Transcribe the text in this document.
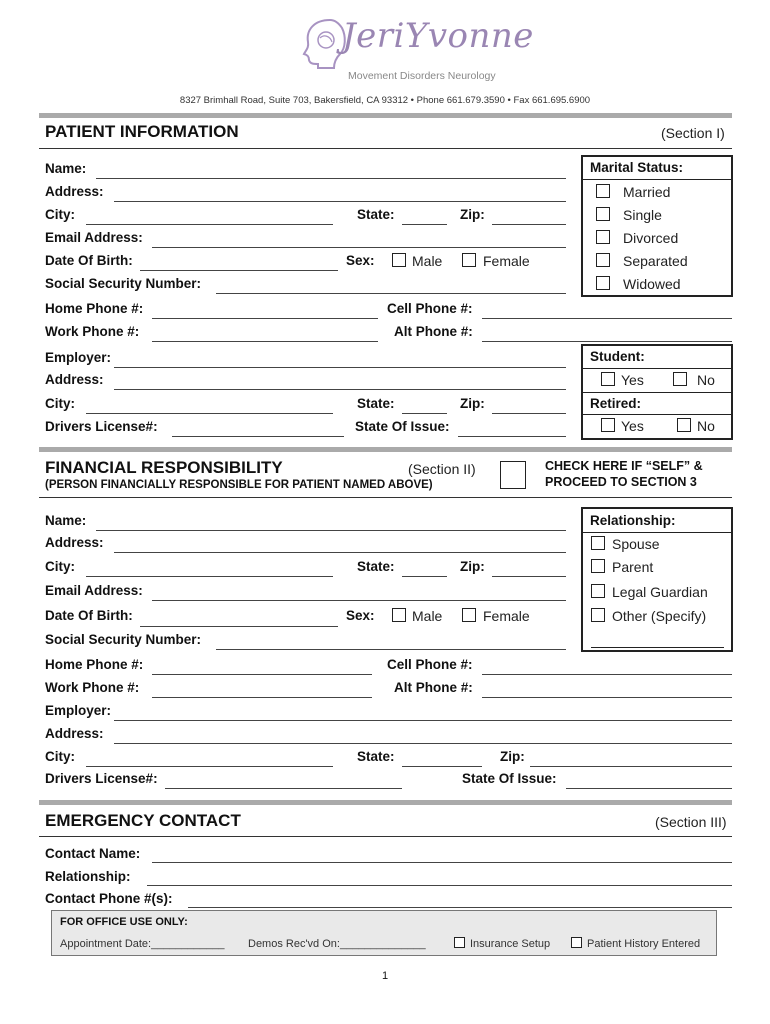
JeriYvonne
Movement Disorders Neurology
8327 Brimhall Road, Suite 703, Bakersfield, CA 93312 • Phone 661.679.3590 • Fax 661.695.6900
PATIENT INFORMATION	(Section I)
Name:
Address:
City:	State:	Zip:
Email Address:
Date Of Birth:	Sex:	Male	Female
Social Security Number:
Marital Status:
Married
Single
Divorced
Separated
Widowed
Home Phone #:	Cell Phone #:
Work Phone #:	Alt Phone #:
Employer:
Address:
City:	State:	Zip:
Drivers License#:	State Of Issue:
Student:
Yes	No
Retired:
Yes	No
FINANCIAL RESPONSIBILITY	(Section II)
(PERSON FINANCIALLY RESPONSIBLE FOR PATIENT NAMED ABOVE)
CHECK HERE IF “SELF” &
PROCEED TO SECTION 3
Name:
Address:
City:	State:	Zip:
Email Address:
Date Of Birth:	Sex:	Male	Female
Social Security Number:
Relationship:
Spouse
Parent
Legal Guardian
Other (Specify)
Home Phone #:	Cell Phone #:
Work Phone #:	Alt Phone #:
Employer:
Address:
City:	State:	Zip:
Drivers License#:	State Of Issue:
EMERGENCY CONTACT	(Section III)
Contact Name:
Relationship:
Contact Phone #(s):
FOR OFFICE USE ONLY:
Appointment Date:____________ Demos Rec'vd On:______________	Insurance Setup	Patient History Entered
1
